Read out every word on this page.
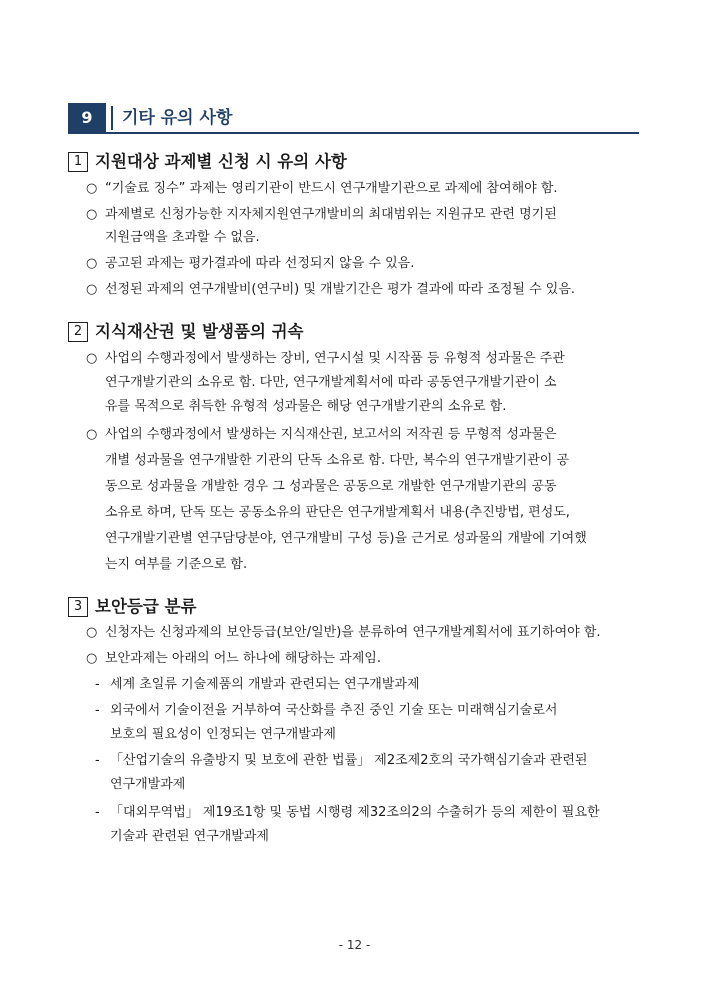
9	기타 유의 사항
1 지원대상 과제별 신청 시 유의 사항
○ “기술료 징수” 과제는 영리기관이 반드시 연구개발기관으로 과제에 참여해야 함.
○ 과제별로 신청가능한 지자체지원연구개발비의 최대범위는 지원규모 관련 명기된
지원금액을 초과할 수 없음.
○ 공고된 과제는 평가결과에 따라 선정되지 않을 수 있음.
○ 선정된 과제의 연구개발비(연구비) 및 개발기간은 평가 결과에 따라 조정될 수 있음.
2 지식재산권 및 발생품의 귀속
○ 사업의 수행과정에서 발생하는 장비, 연구시설 및 시작품 등 유형적 성과물은 주관
연구개발기관의 소유로 함. 다만, 연구개발계획서에 따라 공동연구개발기관이 소
유를 목적으로 취득한 유형적 성과물은 해당 연구개발기관의 소유로 함.
○ 사업의 수행과정에서 발생하는 지식재산권, 보고서의 저작권 등 무형적 성과물은
개별 성과물을 연구개발한 기관의 단독 소유로 함. 다만, 복수의 연구개발기관이 공
동으로 성과물을 개발한 경우 그 성과물은 공동으로 개발한 연구개발기관의 공동
소유로 하며, 단독 또는 공동소유의 판단은 연구개발계획서 내용(추진방법, 편성도,
연구개발기관별 연구담당분야, 연구개발비 구성 등)을 근거로 성과물의 개발에 기여했
는지 여부를 기준으로 함.
3 보안등급 분류
○ 신청자는 신청과제의 보안등급(보안/일반)을 분류하여 연구개발계획서에 표기하여야 함.
○ 보안과제는 아래의 어느 하나에 해당하는 과제임.
- 세계 초일류 기술제품의 개발과 관련되는 연구개발과제
- 외국에서 기술이전을 거부하여 국산화를 추진 중인 기술 또는 미래핵심기술로서
보호의 필요성이 인정되는 연구개발과제
- 「산업기술의 유출방지 및 보호에 관한 법률」 제2조제2호의 국가핵심기술과 관련된
연구개발과제
- 「대외무역법」 제19조1항 및 동법 시행령 제32조의2의 수출허가 등의 제한이 필요한
기술과 관련된 연구개발과제
- 12 -
